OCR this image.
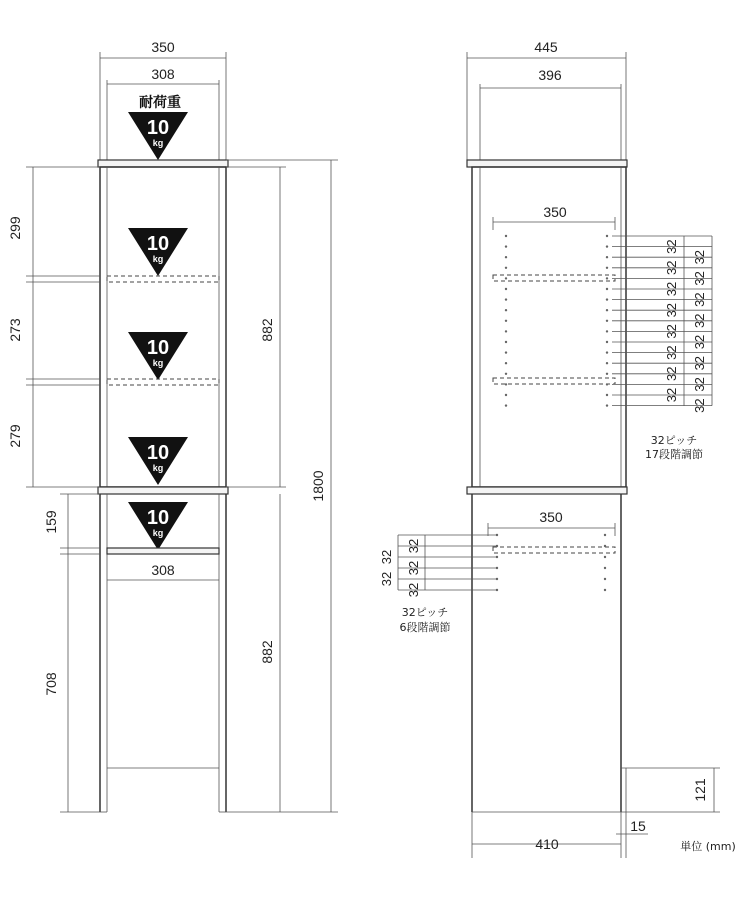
350
308
耐荷重
10
kg
10
kg
10
kg
10
kg
10
kg
308
299
273
279
159
708
882
882
1800
445
396
350
350
32
32
32
32
32
32
32
32
32
32
32
32
32
32
32
32
32
32
32
32
32
32ピッチ
17段階調節
32ピッチ
6段階調節
121
410
15
単位 (mm)
